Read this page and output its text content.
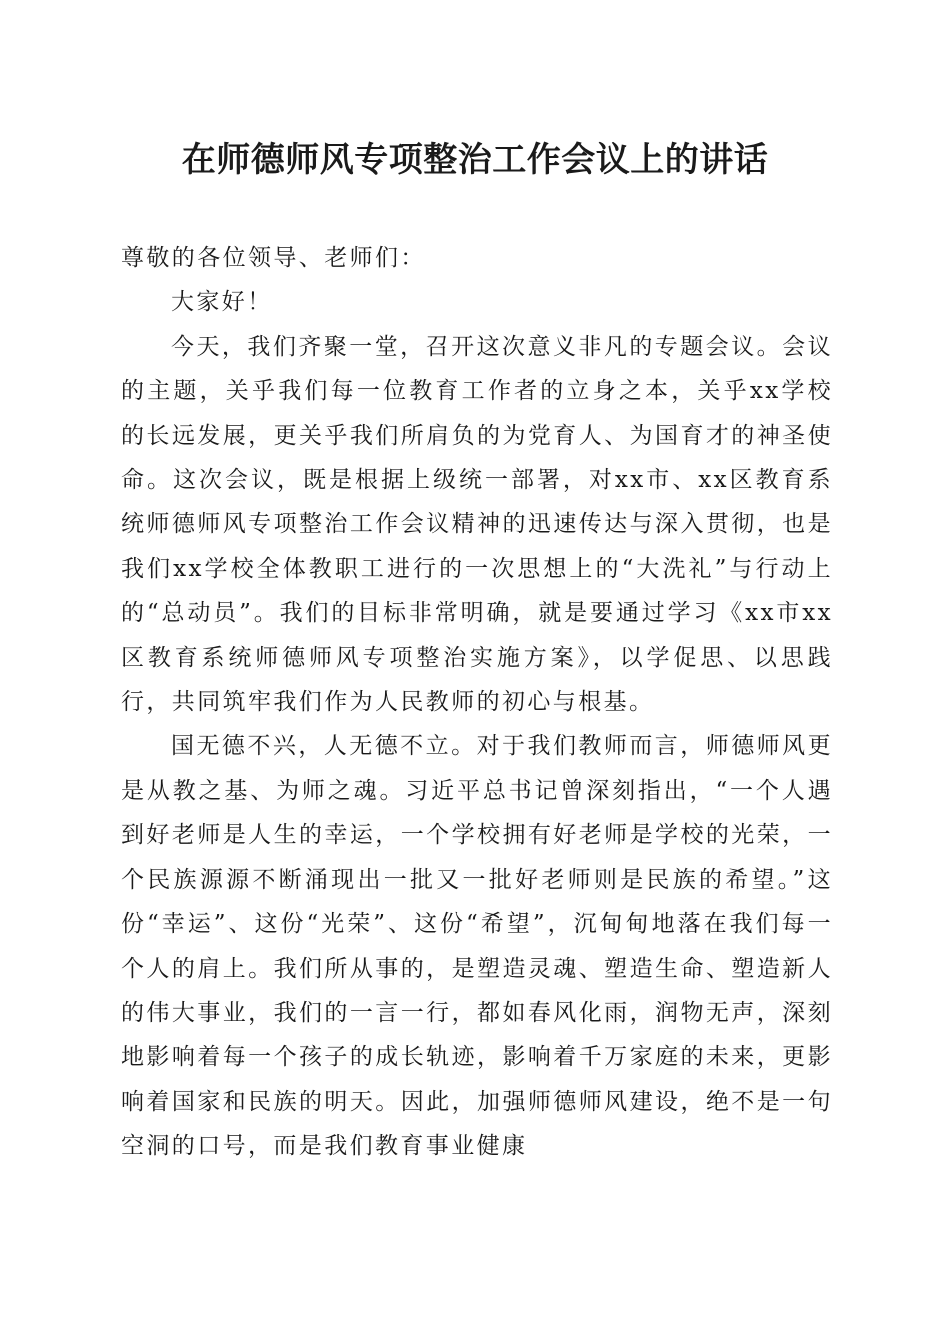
在师德师风专项整治工作会议上的讲话

尊敬的各位领导、老师们：

大家好！

今天，我们齐聚一堂，召开这次意义非凡的专题会议。会议的主题，关乎我们每一位教育工作者的立身之本，关乎xx学校的长远发展，更关乎我们所肩负的为党育人、为国育才的神圣使命。这次会议，既是根据上级统一部署，对xx市、xx区教育系统师德师风专项整治工作会议精神的迅速传达与深入贯彻，也是我们xx学校全体教职工进行的一次思想上的“大洗礼”与行动上的“总动员”。我们的目标非常明确，就是要通过学习《xx市xx区教育系统师德师风专项整治实施方案》，以学促思、以思践行，共同筑牢我们作为人民教师的初心与根基。

国无德不兴，人无德不立。对于我们教师而言，师德师风更是从教之基、为师之魂。习近平总书记曾深刻指出，“一个人遇到好老师是人生的幸运，一个学校拥有好老师是学校的光荣，一个民族源源不断涌现出一批又一批好老师则是民族的希望。”这份“幸运”、这份“光荣”、这份“希望”，沉甸甸地落在我们每一个人的肩上。我们所从事的，是塑造灵魂、塑造生命、塑造新人的伟大事业，我们的一言一行，都如春风化雨，润物无声，深刻地影响着每一个孩子的成长轨迹，影响着千万家庭的未来，更影响着国家和民族的明天。因此，加强师德师风建设，绝不是一句空洞的口号，而是我们教育事业健康
